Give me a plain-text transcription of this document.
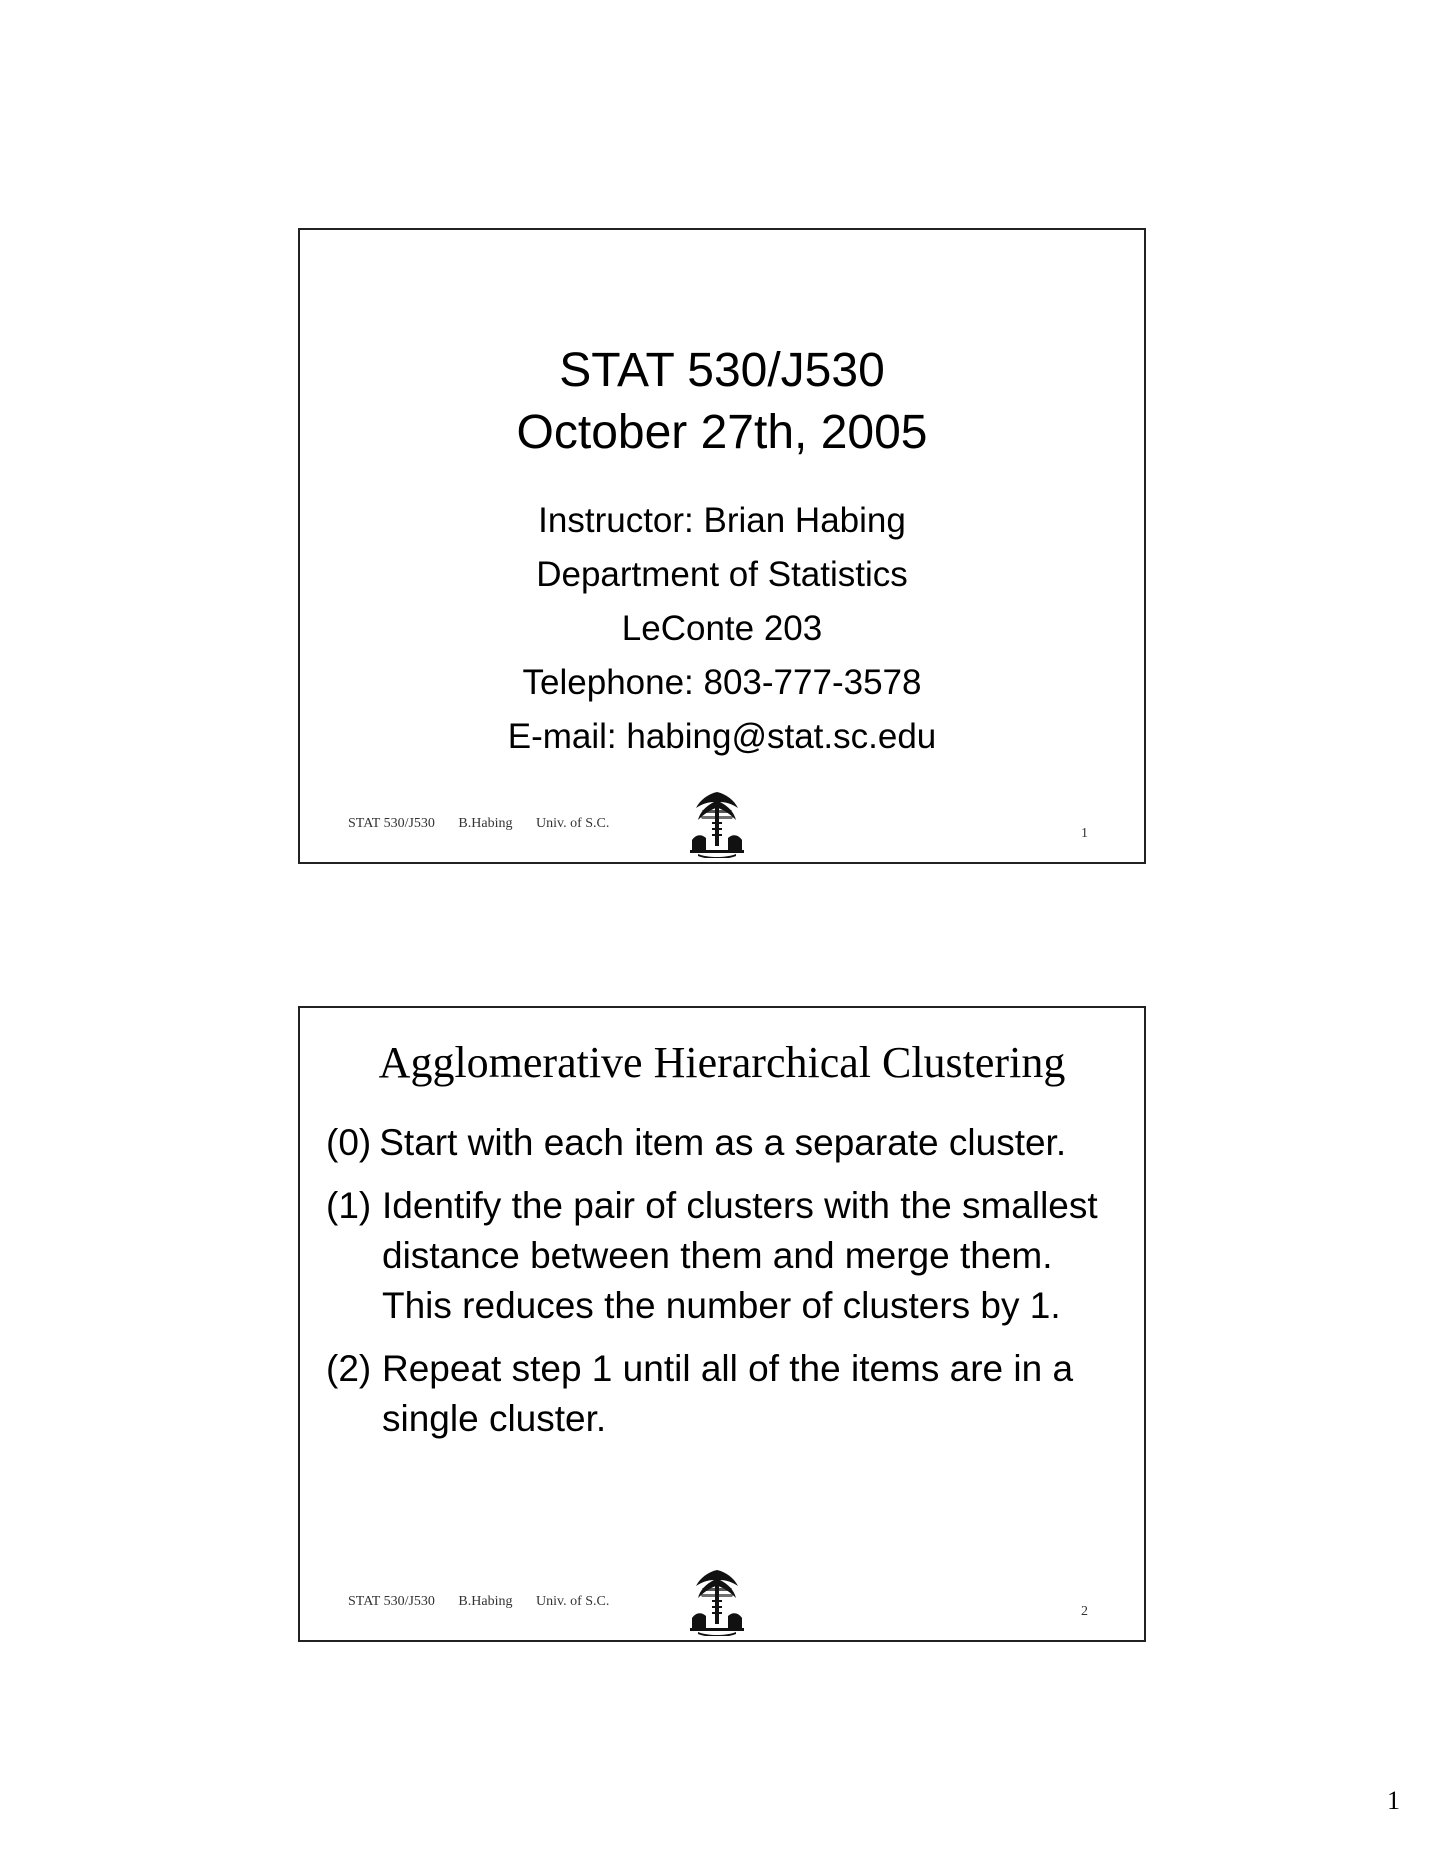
STAT 530/J530
October 27th, 2005
Instructor: Brian Habing
Department of Statistics
LeConte 203
Telephone: 803-777-3578
E-mail: habing@stat.sc.edu
STAT 530/J530 B.Habing Univ. of S.C.
1
Agglomerative Hierarchical Clustering
(0) Start with each item as a separate cluster.
(1) Identify the pair of clusters with the smallest distance between them and merge them. This reduces the number of clusters by 1.
(2) Repeat step 1 until all of the items are in a single cluster.
STAT 530/J530 B.Habing Univ. of S.C.
2
1
